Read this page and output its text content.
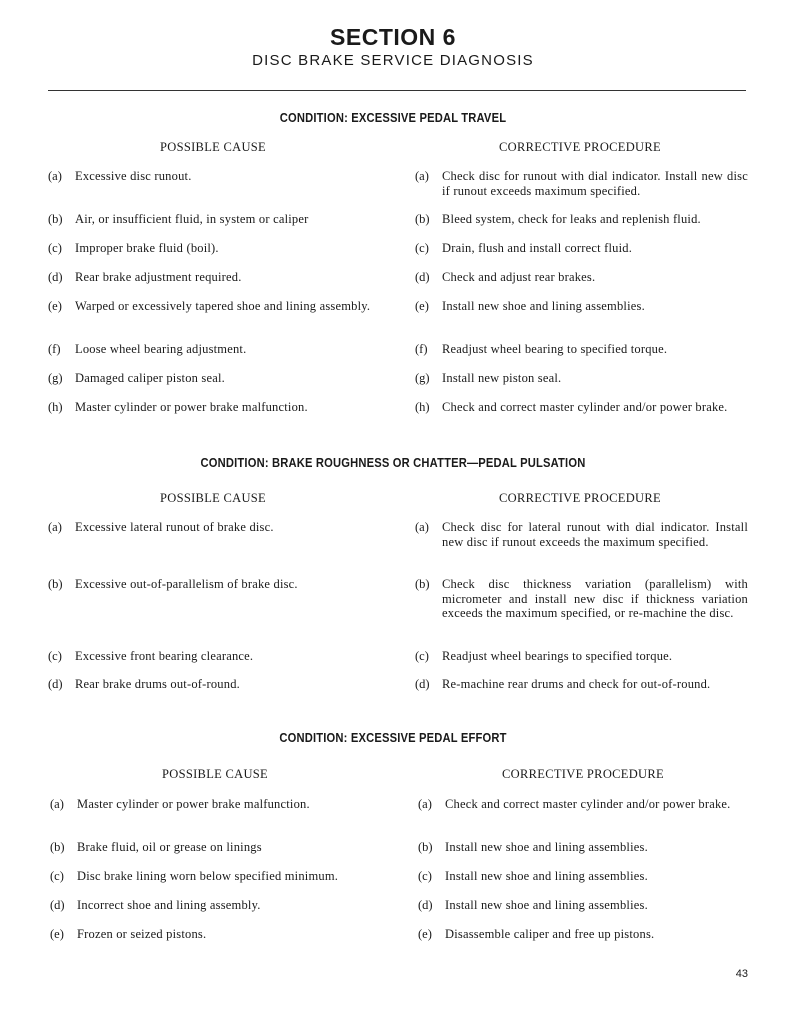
SECTION 6
DISC BRAKE SERVICE DIAGNOSIS
CONDITION: EXCESSIVE PEDAL TRAVEL
POSSIBLE CAUSE	CORRECTIVE PROCEDURE
(a)	Excessive disc runout.	(a)	Check disc for runout with dial indicator. Install new disc if runout exceeds maximum specified.
(b) Air, or insufficient fluid, in system or caliper	(b) Bleed system, check for leaks and replenish fluid.
(c)	Improper brake fluid (boil).	(c)	Drain, flush and install correct fluid.
(d) Rear brake adjustment required.	(d) Check and adjust rear brakes.
(e)	Warped or excessively tapered shoe and lining assembly.	(e)	Install new shoe and lining assemblies.
(f)	Loose wheel bearing adjustment.	(f)	Readjust wheel bearing to specified torque.
(g) Damaged caliper piston seal.	(g) Install new piston seal.
(h) Master cylinder or power brake malfunction.	(h) Check and correct master cylinder and/or power brake.
CONDITION: BRAKE ROUGHNESS OR CHATTER—PEDAL PULSATION
POSSIBLE CAUSE	CORRECTIVE PROCEDURE
(a)	Excessive lateral runout of brake disc.	(a)	Check disc for lateral runout with dial indicator. Install new disc if runout exceeds the maximum specified.
(b) Excessive out-of-parallelism of brake disc.	(b) Check disc thickness variation (parallelism) with micrometer and install new disc if thickness variation exceeds the maximum specified, or re-machine the disc.
(c)	Excessive front bearing clearance.	(c)	Readjust wheel bearings to specified torque.
(d) Rear brake drums out-of-round.	(d) Re-machine rear drums and check for out-of-round.
CONDITION: EXCESSIVE PEDAL EFFORT
POSSIBLE CAUSE	CORRECTIVE PROCEDURE
(a)	Master cylinder or power brake malfunction.	(a)	Check and correct master cylinder and/or power brake.
(b) Brake fluid, oil or grease on linings	(b) Install new shoe and lining assemblies.
(c)	Disc brake lining worn below specified minimum.	(c)	Install new shoe and lining assemblies.
(d) Incorrect shoe and lining assembly.	(d) Install new shoe and lining assemblies.
(e)	Frozen or seized pistons.	(e)	Disassemble caliper and free up pistons.
43
